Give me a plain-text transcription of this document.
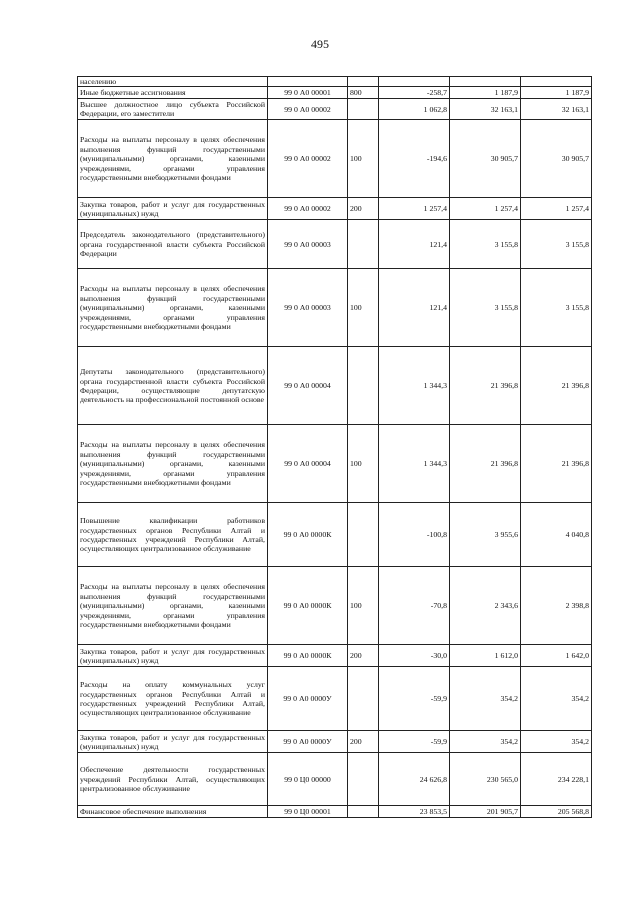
495
населению					
Иные бюджетные ассигнования	99 0 А0 00001	800	-258,7	1 187,9	1 187,9
Высшее должностное лицо субъекта Российской Федерации, его заместители	99 0 А0 00002		1 062,8	32 163,1	32 163,1
Расходы на выплаты персоналу в целях обеспечения выполнения функций государственными (муниципальными) органами, казенными учреждениями, органами управления государственными внебюджетными фондами	99 0 А0 00002	100	-194,6	30 905,7	30 905,7
Закупка товаров, работ и услуг для государственных (муниципальных) нужд	99 0 А0 00002	200	1 257,4	1 257,4	1 257,4
Председатель законодательного (представительного) органа государственной власти субъекта Российской Федерации	99 0 А0 00003		121,4	3 155,8	3 155,8
Расходы на выплаты персоналу в целях обеспечения выполнения функций государственными (муниципальными) органами, казенными учреждениями, органами управления государственными внебюджетными фондами	99 0 А0 00003	100	121,4	3 155,8	3 155,8
Депутаты законодательного (представительного) органа государственной власти субъекта Российской Федерации, осуществляющие депутатскую деятельность на профессиональной постоянной основе	99 0 А0 00004		1 344,3	21 396,8	21 396,8
Расходы на выплаты персоналу в целях обеспечения выполнения функций государственными (муниципальными) органами, казенными учреждениями, органами управления государственными внебюджетными фондами	99 0 А0 00004	100	1 344,3	21 396,8	21 396,8
Повышение квалификации работников государственных органов Республики Алтай и государственных учреждений Республики Алтай, осуществляющих централизованное обслуживание	99 0 А0 0000К		-100,8	3 955,6	4 040,8
Расходы на выплаты персоналу в целях обеспечения выполнения функций государственными (муниципальными) органами, казенными учреждениями, органами управления государственными внебюджетными фондами	99 0 А0 0000К	100	-70,8	2 343,6	2 398,8
Закупка товаров, работ и услуг для государственных (муниципальных) нужд	99 0 А0 0000К	200	-30,0	1 612,0	1 642,0
Расходы на оплату коммунальных услуг государственных органов Республики Алтай и государственных учреждений Республики Алтай, осуществляющих централизованное обслуживание	99 0 А0 0000У		-59,9	354,2	354,2
Закупка товаров, работ и услуг для государственных (муниципальных) нужд	99 0 А0 0000У	200	-59,9	354,2	354,2
Обеспечение деятельности государственных учреждений Республики Алтай, осуществляющих централизованное обслуживание	99 0 Ц0 00000		24 626,8	230 565,0	234 228,1
Финансовое обеспечение выполнения	99 0 Ц0 00001		23 853,5	201 905,7	205 568,8
